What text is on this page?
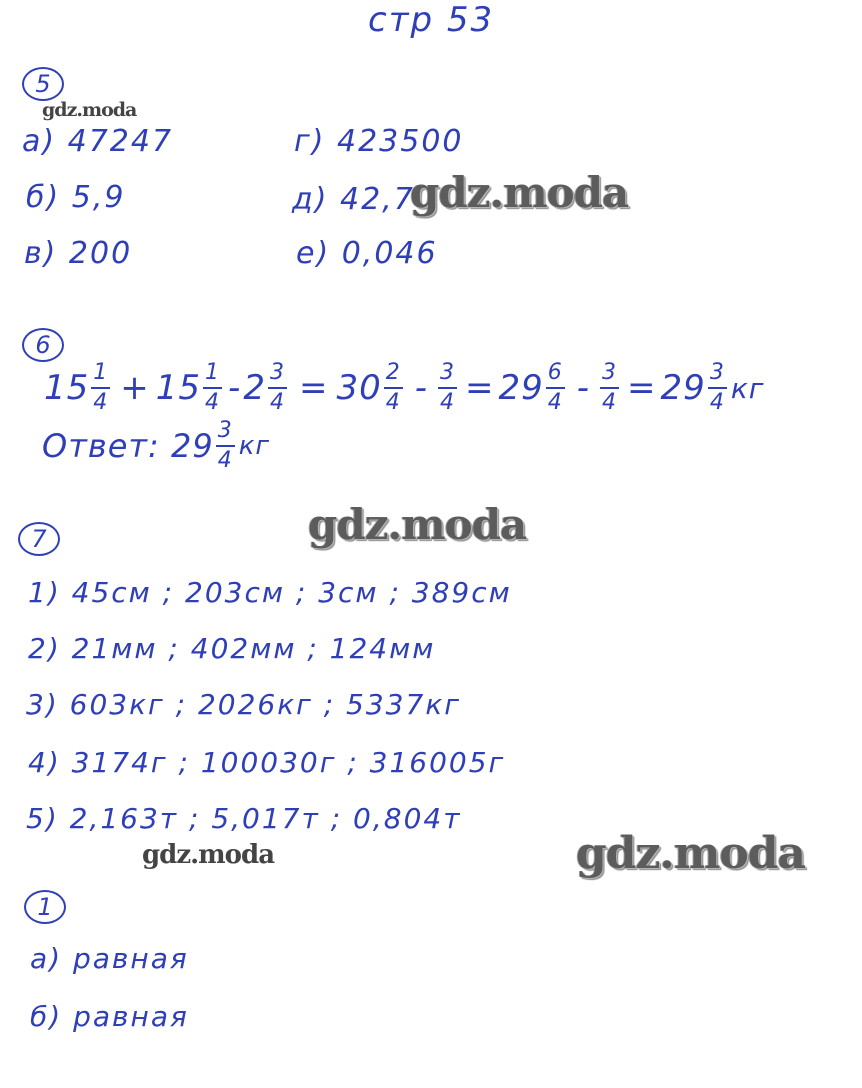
стр 53
5
gdz.moda
а) 47247
б) 5,9
в) 200
г) 423500
д) 42,7
е) 0,046
gdz.moda
6
$15 \frac{1}{4} + 15 \frac{1}{4} - 2 \frac{3}{4} = 30 \frac{2}{4} - \frac{3}{4} = 29 \frac{6}{4} - \frac{3}{4} = 29 \frac{3}{4}$ кг
Ответ: $29 \frac{3}{4}$ кг
gdz.moda
7
1) 45см ; 203см ; 3см ; 389см
2) 21мм ; 402мм ; 124мм
3) 603кг ; 2026кг ; 5337кг
4) 3174г ; 100030г ; 316005г
5) 2,163т ; 5,017т ; 0,804т
gdz.moda	gdz.moda
1
а) равная
б) равная
